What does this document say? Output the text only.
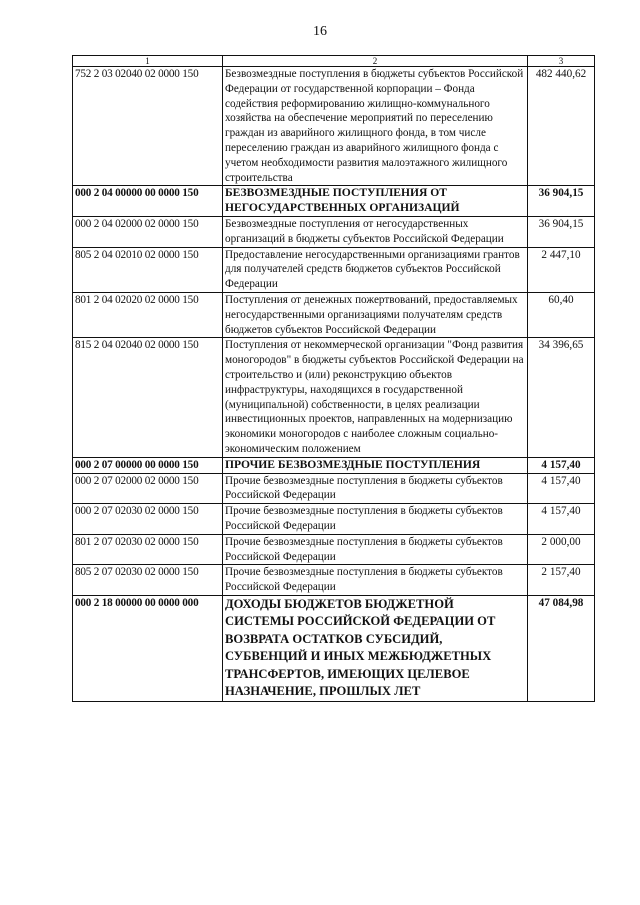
16
1	2	3
752 2 03 02040 02 0000 150	Безвозмездные поступления в бюджеты субъектов Российской Федерации от государственной корпорации – Фонда содействия реформированию жилищно-коммунального хозяйства на обеспечение мероприятий по переселению граждан из аварийного жилищного фонда, в том числе переселению граждан из аварийного жилищного фонда с учетом необходимости развития малоэтажного жилищного строительства	482 440,62
000 2 04 00000 00 0000 150	БЕЗВОЗМЕЗДНЫЕ ПОСТУПЛЕНИЯ ОТ НЕГОСУДАРСТВЕННЫХ ОРГАНИЗАЦИЙ	36 904,15
000 2 04 02000 02 0000 150	Безвозмездные поступления от негосударственных организаций в бюджеты субъектов Российской Федерации	36 904,15
805 2 04 02010 02 0000 150	Предоставление негосударственными организациями грантов для получателей средств бюджетов субъектов Российской Федерации	2 447,10
801 2 04 02020 02 0000 150	Поступления от денежных пожертвований, предоставляемых негосударственными организациями получателям средств бюджетов субъектов Российской Федерации	60,40
815 2 04 02040 02 0000 150	Поступления от некоммерческой организации "Фонд развития моногородов" в бюджеты субъектов Российской Федерации на строительство и (или) реконструкцию объектов инфраструктуры, находящихся в государственной (муниципальной) собственности, в целях реализации инвестиционных проектов, направленных на модернизацию экономики моногородов с наиболее сложным социально-экономическим положением	34 396,65
000 2 07 00000 00 0000 150	ПРОЧИЕ БЕЗВОЗМЕЗДНЫЕ ПОСТУПЛЕНИЯ	4 157,40
000 2 07 02000 02 0000 150	Прочие безвозмездные поступления в бюджеты субъектов Российской Федерации	4 157,40
000 2 07 02030 02 0000 150	Прочие безвозмездные поступления в бюджеты субъектов Российской Федерации	4 157,40
801 2 07 02030 02 0000 150	Прочие безвозмездные поступления в бюджеты субъектов Российской Федерации	2 000,00
805 2 07 02030 02 0000 150	Прочие безвозмездные поступления в бюджеты субъектов Российской Федерации	2 157,40
000 2 18 00000 00 0000 000	ДОХОДЫ БЮДЖЕТОВ БЮДЖЕТНОЙ СИСТЕМЫ РОССИЙСКОЙ ФЕДЕРАЦИИ ОТ ВОЗВРАТА ОСТАТКОВ СУБСИДИЙ, СУБВЕНЦИЙ И ИНЫХ МЕЖБЮДЖЕТНЫХ ТРАНСФЕРТОВ, ИМЕЮЩИХ ЦЕЛЕВОЕ НАЗНАЧЕНИЕ, ПРОШЛЫХ ЛЕТ	47 084,98
